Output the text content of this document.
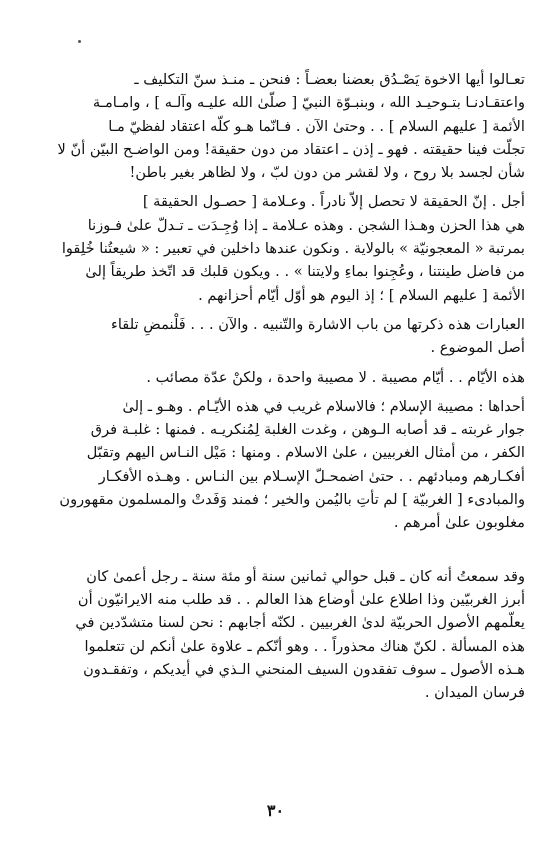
تعـالوا أيها الاخوة يَصْـدُق بعضنا بعضـاً : فنحن ـ منـذ سنّ التكليف ـ
واعتقـادنـا بتـوحيـد الله ، وبنبـوّة النبيّ [ صلّىٰ الله عليـه وآلـه ] ، وامـامـة
الأئمة [ عليهم السلام ] . . وحتىٰ الآن . فـانّما هـو كلّه اعتقاد لفظيّ مـا
تجلّت فينا حقيقته . فهو ـ إذن ـ اعتقاد من دون حقيقة! ومن الواضـح البيّن أنّ لا
شأن لجسد بلا روح ، ولا لقشر من دون لبّ ، ولا لظاهر بغير باطن!
أجل . إنّ الحقيقة لا تحصل إلاّ نادراً . وعـلامة [ حصـول الحقيقة ]
هي هذا الحزن وهـذا الشجن . وهذه عـلامة ـ إذا وُجِـدَت ـ تـدلّ علىٰ فـوزنا
بمرتبة « المعجونيّة » بالولاية . ونكون عندها داخلين في تعبير : « شيعتُنا خُلِقوا
من فاضل طينتنا ، وعُجِنوا بماءِ ولايتنا » . . ويكون قلبك قد اتّخذ طريقاً إلىٰ
الأئمة [ عليهم السلام ] ؛ إذ اليوم هو أوّل أيّام أحزانهم .
العبارات هذه ذكرتها من باب الاشارة والتّنبيه . والآن . . . فَلْنمضِ تلقاء
أصل الموضوع .
هذه الأيّام . . أيّام مصيبة . لا مصيبة واحدة ، ولكنْ عدّة مصائب .
أحداها : مصيبة الإسلام ؛ فالاسلام غريب في هذه الأيّـام . وهـو ـ إلىٰ
جوار غربته ـ قد أصابه الـوهن ، وغدت الغلبة لِمُنكريـه . فمنها : غلبـة فرق
الكفر ، من أمثال الغربيين ، علىٰ الاسلام . ومنها : مَيْل النـاس اليهم وتقبّل
أفكـارهم ومبادئهم . . حتىٰ اضمحـلّ الإسـلام بين النـاس . وهـذه الأفكـار
والمبادىء [ الغربيّة ] لم تأتِ باليُمن والخير ؛ فمند وَفَدتْ والمسلمون مقهورون
مغلوبون علىٰ أمرهم .
وقد سمعتُ أنه كان ـ قبل حوالي ثمانين سنة أو مئة سنة ـ رجل أعمىٰ كان
أبرز الغربيّين وذا اطلاع علىٰ أوضاع هذا العالم . . قد طلب منه الايرانيّون أن
يعلّمهم الأصول الحربيّة لدىٰ الغربيين . لكنّه أجابهم : نحن لسنا متشدّدين في
هذه المسألة . لكنّ هناك محذوراً . . وهو أنّكم ـ علاوة علىٰ أنكم لن تتعلموا
هـذه الأصول ـ سوف تفقدون السيف المنحني الـذي في أيديكم ، وتفقـدون
فرسان الميدان .
٣٠
